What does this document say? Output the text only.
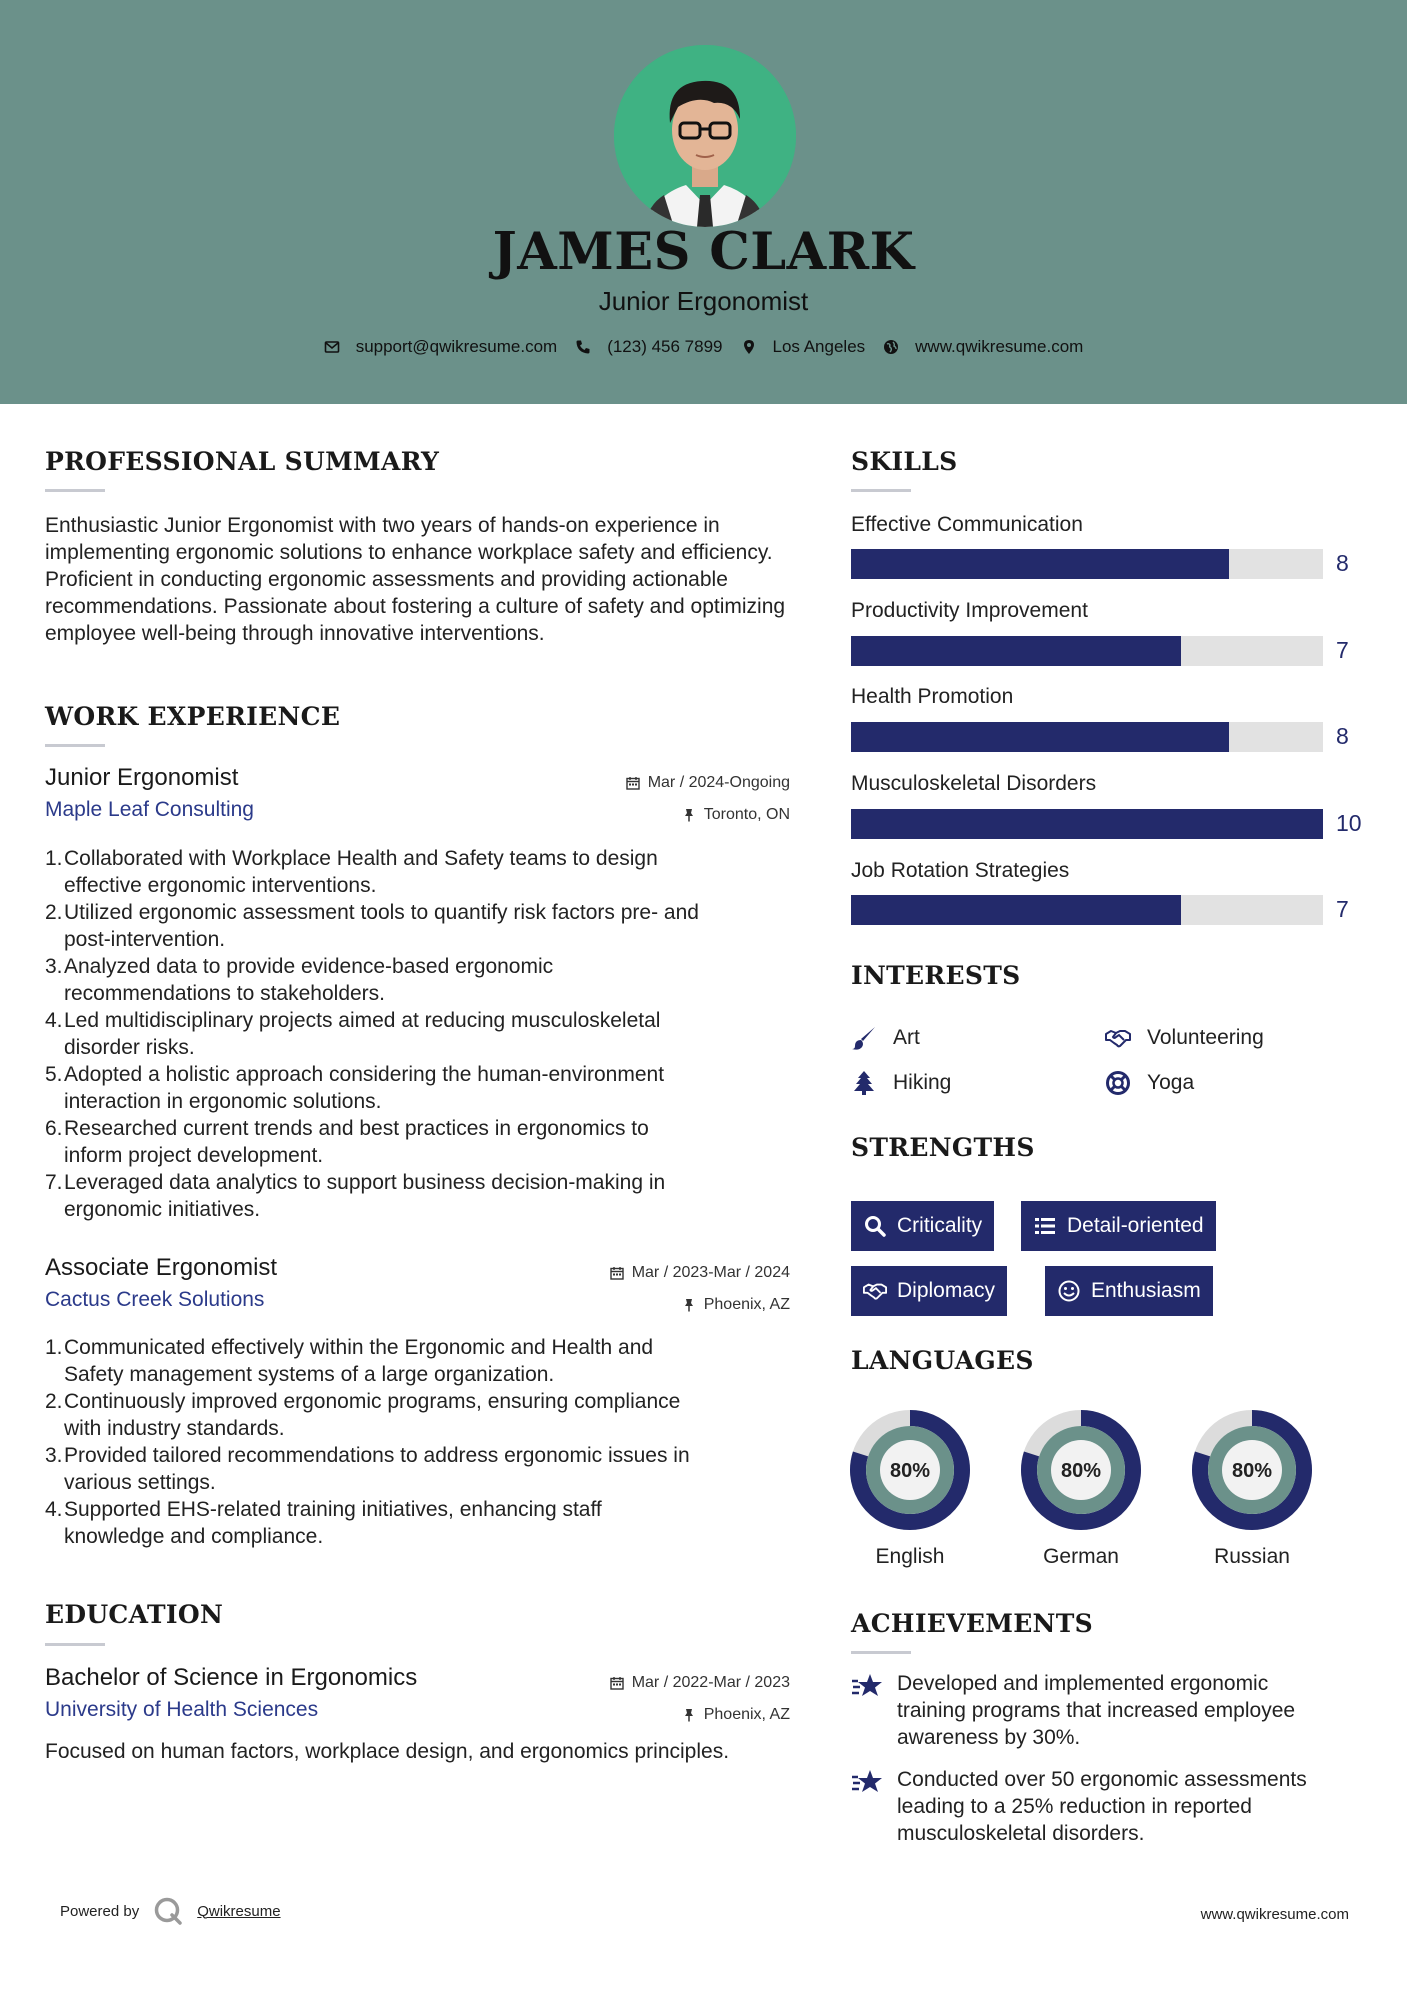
JAMES CLARK
Junior Ergonomist
support@qwikresume.com	(123) 456 7899	Los Angeles	www.qwikresume.com
PROFESSIONAL SUMMARY
Enthusiastic Junior Ergonomist with two years of hands-on experience in implementing ergonomic solutions to enhance workplace safety and efficiency. Proficient in conducting ergonomic assessments and providing actionable recommendations. Passionate about fostering a culture of safety and optimizing employee well-being through innovative interventions.
WORK EXPERIENCE
Junior Ergonomist
Maple Leaf Consulting
Mar / 2024-Ongoing
Toronto, ON
1. Collaborated with Workplace Health and Safety teams to design
effective ergonomic interventions.
2. Utilized ergonomic assessment tools to quantify risk factors pre- and
post-intervention.
3. Analyzed data to provide evidence-based ergonomic
recommendations to stakeholders.
4. Led multidisciplinary projects aimed at reducing musculoskeletal
disorder risks.
5. Adopted a holistic approach considering the human-environment
interaction in ergonomic solutions.
6. Researched current trends and best practices in ergonomics to
inform project development.
7. Leveraged data analytics to support business decision-making in
ergonomic initiatives.
Associate Ergonomist
Cactus Creek Solutions
Mar / 2023-Mar / 2024
Phoenix, AZ
1. Communicated effectively within the Ergonomic and Health and
Safety management systems of a large organization.
2. Continuously improved ergonomic programs, ensuring compliance
with industry standards.
3. Provided tailored recommendations to address ergonomic issues in
various settings.
4. Supported EHS-related training initiatives, enhancing staff
knowledge and compliance.
EDUCATION
Bachelor of Science in Ergonomics
University of Health Sciences
Mar / 2022-Mar / 2023
Phoenix, AZ
Focused on human factors, workplace design, and ergonomics principles.
SKILLS
Effective Communication
8
Productivity Improvement
7
Health Promotion
8
Musculoskeletal Disorders
10
Job Rotation Strategies
7
INTERESTS
Art	Volunteering
Hiking	Yoga
STRENGTHS
Criticality	Detail-oriented
Diplomacy	Enthusiasm
LANGUAGES
80%
English
80%
German
80%
Russian
ACHIEVEMENTS
Developed and implemented ergonomic
training programs that increased employee
awareness by 30%.
Conducted over 50 ergonomic assessments
leading to a 25% reduction in reported
musculoskeletal disorders.
Powered by	Qwikresume	www.qwikresume.com
